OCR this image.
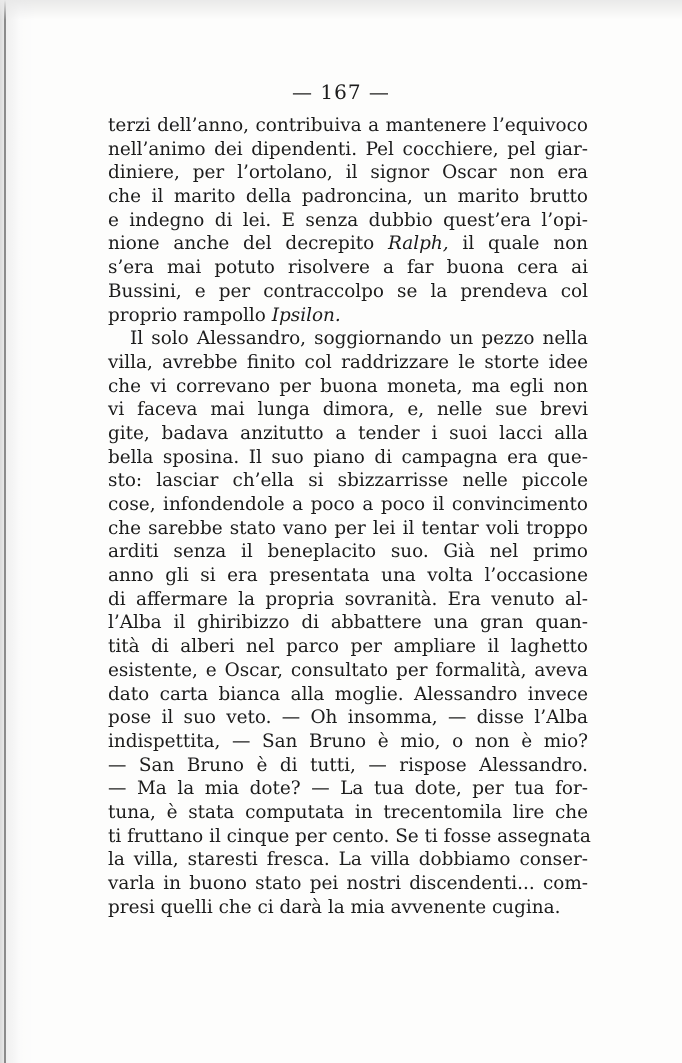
— 167 —

terzi dell’anno, contribuiva a mantenere l’equivoco
nell’animo dei dipendenti. Pel cocchiere, pel giar-
diniere, per l’ortolano, il signor Oscar non era
che il marito della padroncina, un marito brutto
e indegno di lei. E senza dubbio quest’era l’opi-
nione anche del decrepito Ralph, il quale non
s’era mai potuto risolvere a far buona cera ai
Bussini, e per contraccolpo se la prendeva col
proprio rampollo Ipsilon.
Il solo Alessandro, soggiornando un pezzo nella
villa, avrebbe finito col raddrizzare le storte idee
che vi correvano per buona moneta, ma egli non
vi faceva mai lunga dimora, e, nelle sue brevi
gite, badava anzitutto a tender i suoi lacci alla
bella sposina. Il suo piano di campagna era que-
sto: lasciar ch’ella si sbizzarrisse nelle piccole
cose, infondendole a poco a poco il convincimento
che sarebbe stato vano per lei il tentar voli troppo
arditi senza il beneplacito suo. Già nel primo
anno gli si era presentata una volta l’occasione
di affermare la propria sovranità. Era venuto al-
l’Alba il ghiribizzo di abbattere una gran quan-
tità di alberi nel parco per ampliare il laghetto
esistente, e Oscar, consultato per formalità, aveva
dato carta bianca alla moglie. Alessandro invece
pose il suo veto. — Oh insomma, — disse l’Alba
indispettita, — San Bruno è mio, o non è mio?
— San Bruno è di tutti, — rispose Alessandro.
— Ma la mia dote? — La tua dote, per tua for-
tuna, è stata computata in trecentomila lire che
ti fruttano il cinque per cento. Se ti fosse assegnata
la villa, staresti fresca. La villa dobbiamo conser-
varla in buono stato pei nostri discendenti... com-
presi quelli che ci darà la mia avvenente cugina.
